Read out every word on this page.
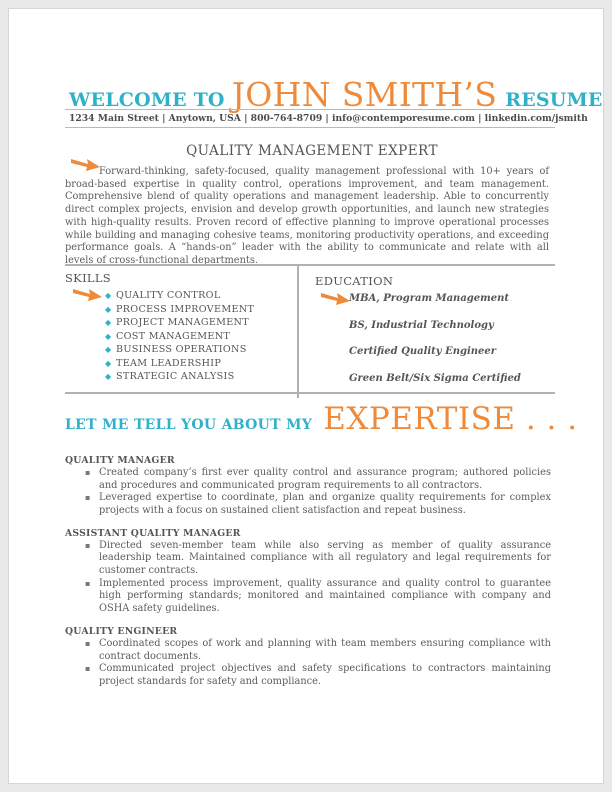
WELCOME TO JOHN SMITH’S RESUME
1234 Main Street | Anytown, USA | 800-764-8709 | info@contemporesume.com | linkedin.com/jsmith
QUALITY MANAGEMENT EXPERT
Forward-thinking, safety-focused, quality management professional with 10+ years of broad-based expertise in quality control, operations improvement, and team management. Comprehensive blend of quality operations and management leadership. Able to concurrently direct complex projects, envision and develop growth opportunities, and launch new strategies with high-quality results. Proven record of effective planning to improve operational processes while building and managing cohesive teams, monitoring productivity operations, and exceeding performance goals. A “hands-on” leader with the ability to communicate and relate with all levels of cross-functional departments.
SKILLS
◆ QUALITY CONTROL
◆ PROCESS IMPROVEMENT
◆ PROJECT MANAGEMENT
◆ COST MANAGEMENT
◆ BUSINESS OPERATIONS
◆ TEAM LEADERSHIP
◆ STRATEGIC ANALYSIS
EDUCATION
MBA, Program Management
BS, Industrial Technology
Certified Quality Engineer
Green Belt/Six Sigma Certified
LET ME TELL YOU ABOUT MY EXPERTISE . . .
QUALITY MANAGER
▪ Created company’s first ever quality control and assurance program; authored policies and procedures and communicated program requirements to all contractors.
▪ Leveraged expertise to coordinate, plan and organize quality requirements for complex projects with a focus on sustained client satisfaction and repeat business.
ASSISTANT QUALITY MANAGER
▪ Directed seven-member team while also serving as member of quality assurance leadership team. Maintained compliance with all regulatory and legal requirements for customer contracts.
▪ Implemented process improvement, quality assurance and quality control to guarantee high performing standards; monitored and maintained compliance with company and OSHA safety guidelines.
QUALITY ENGINEER
▪ Coordinated scopes of work and planning with team members ensuring compliance with contract documents.
▪ Communicated project objectives and safety specifications to contractors maintaining project standards for safety and compliance.
